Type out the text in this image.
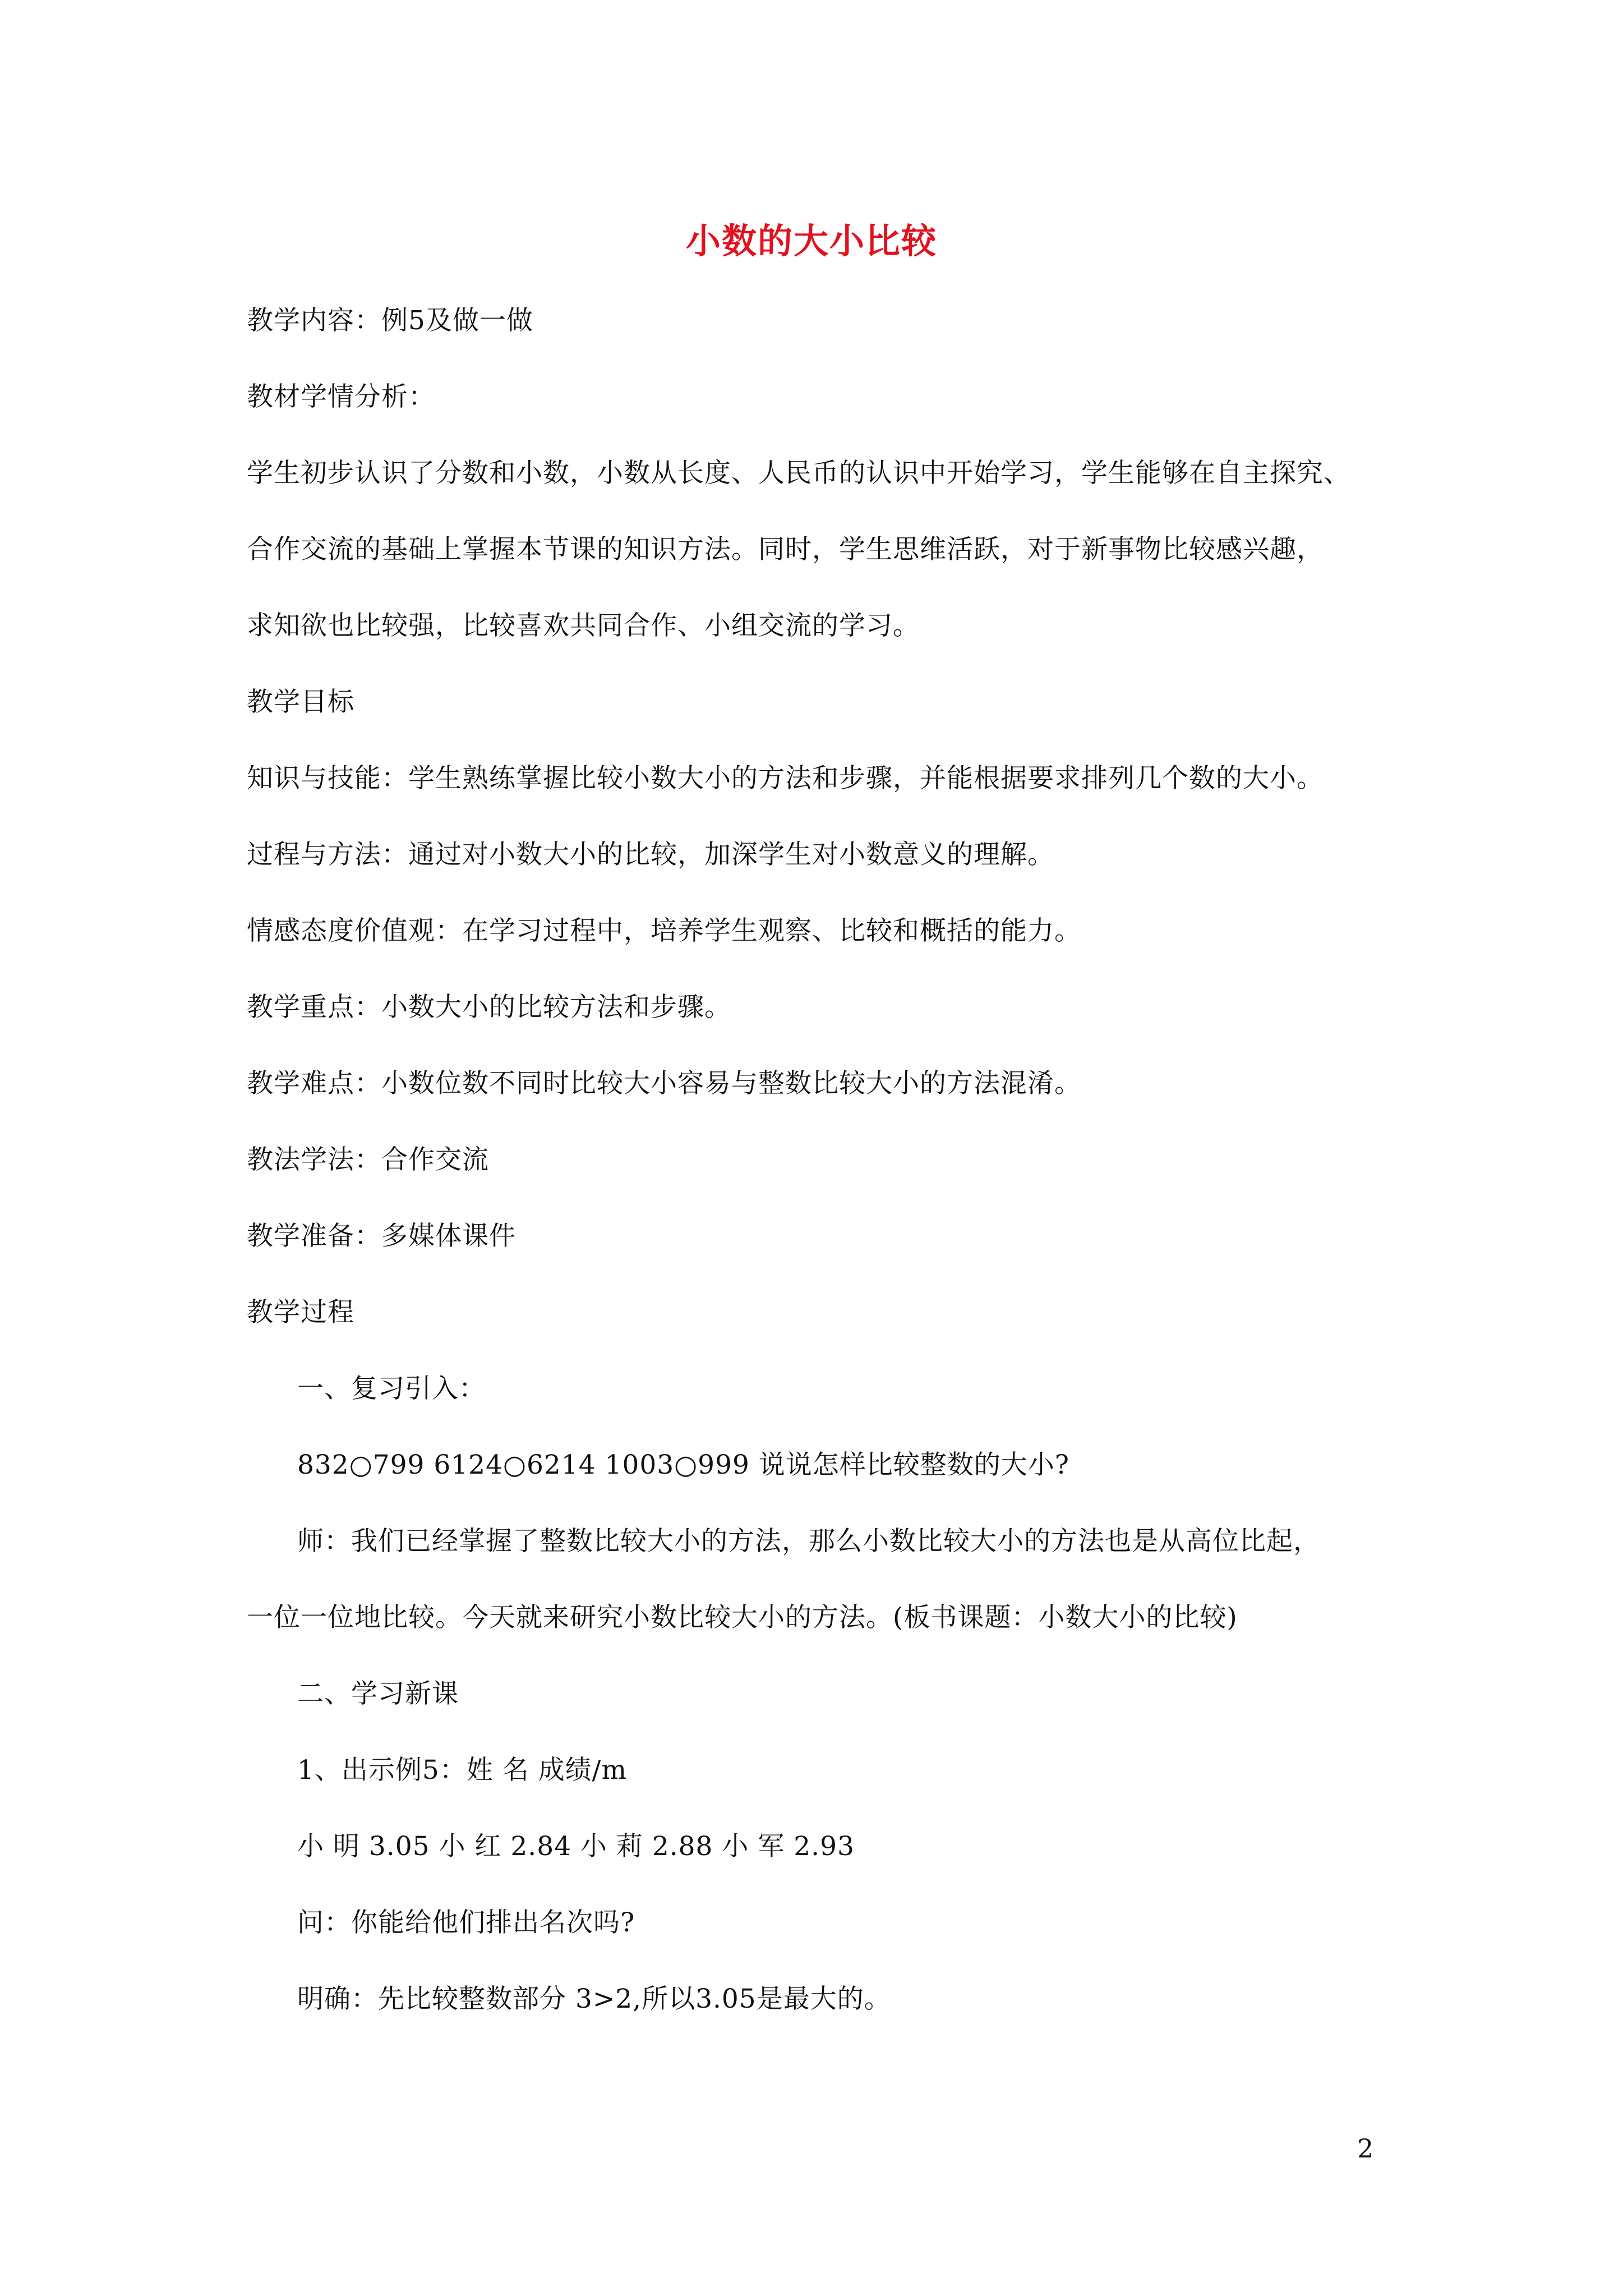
小数的大小比较
教学内容：例5及做一做
教材学情分析：
学生初步认识了分数和小数，小数从长度、人民币的认识中开始学习，学生能够在自主探究、
合作交流的基础上掌握本节课的知识方法。同时，学生思维活跃，对于新事物比较感兴趣，
求知欲也比较强，比较喜欢共同合作、小组交流的学习。
教学目标
知识与技能：学生熟练掌握比较小数大小的方法和步骤，并能根据要求排列几个数的大小。
过程与方法：通过对小数大小的比较，加深学生对小数意义的理解。
情感态度价值观：在学习过程中，培养学生观察、比较和概括的能力。
教学重点：小数大小的比较方法和步骤。
教学难点：小数位数不同时比较大小容易与整数比较大小的方法混淆。
教法学法：合作交流
教学准备：多媒体课件
教学过程
一、复习引入：
832○799 6124○6214 1003○999 说说怎样比较整数的大小?
师：我们已经掌握了整数比较大小的方法，那么小数比较大小的方法也是从高位比起，
一位一位地比较。今天就来研究小数比较大小的方法。(板书课题：小数大小的比较)
二、学习新课
1、出示例5：姓 名 成绩/m
小 明 3.05 小 红 2.84 小 莉 2.88 小 军 2.93
问：你能给他们排出名次吗?
明确：先比较整数部分 3>2,所以3.05是最大的。
2
